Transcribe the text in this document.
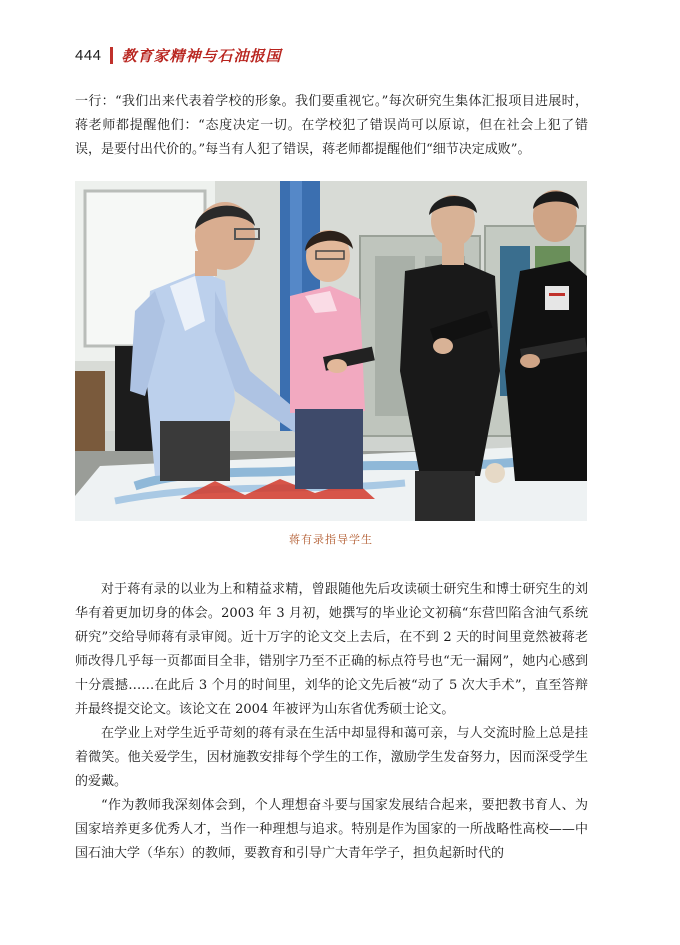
444 教育家精神与石油报国

一行：“我们出来代表着学校的形象。我们要重视它。”每次研究生集体汇报项目进展时，蒋老师都提醒他们：“态度决定一切。在学校犯了错误尚可以原谅，但在社会上犯了错误，是要付出代价的。”每当有人犯了错误，蒋老师都提醒他们“细节决定成败”。

蒋有录指导学生

对于蒋有录的以业为上和精益求精，曾跟随他先后攻读硕士研究生和博士研究生的刘华有着更加切身的体会。2003 年 3 月初，她撰写的毕业论文初稿“东营凹陷含油气系统研究”交给导师蒋有录审阅。近十万字的论文交上去后，在不到 2 天的时间里竟然被蒋老师改得几乎每一页都面目全非，错别字乃至不正确的标点符号也“无一漏网”，她内心感到十分震撼……在此后 3 个月的时间里，刘华的论文先后被“动了 5 次大手术”，直至答辩并最终提交论文。该论文在 2004 年被评为山东省优秀硕士论文。

在学业上对学生近乎苛刻的蒋有录在生活中却显得和蔼可亲，与人交流时脸上总是挂着微笑。他关爱学生，因材施教安排每个学生的工作，激励学生发奋努力，因而深受学生的爱戴。

“作为教师我深刻体会到，个人理想奋斗要与国家发展结合起来，要把教书育人、为国家培养更多优秀人才，当作一种理想与追求。特别是作为国家的一所战略性高校——中国石油大学（华东）的教师，要教育和引导广大青年学子，担负起新时代的
